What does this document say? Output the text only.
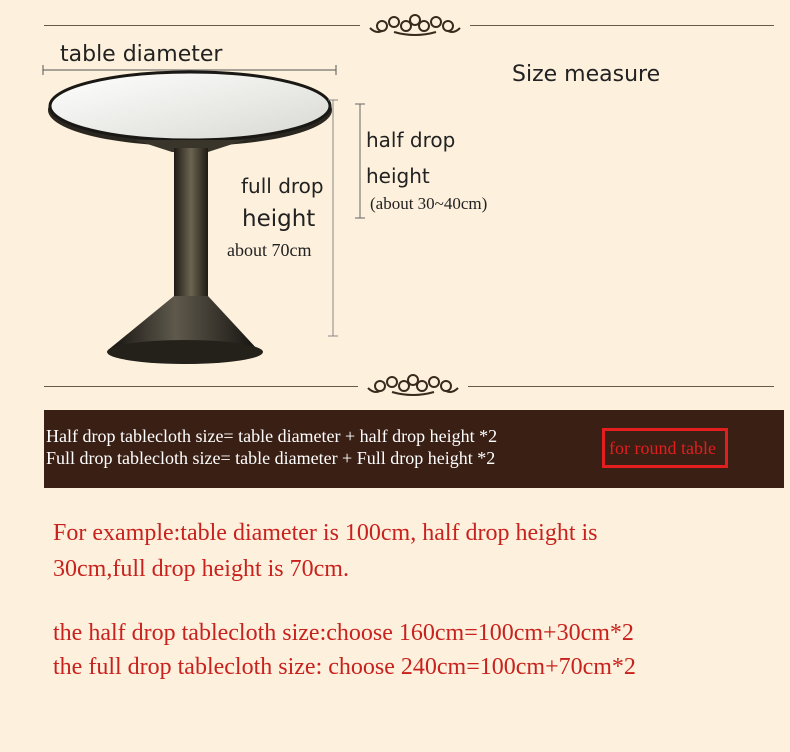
table diameter
Size measure
half drop
height
(about 30~40cm)
full drop
height
about 70cm
Half drop tablecloth size= table diameter + half drop height *2
Full drop tablecloth size= table diameter + Full drop height *2	for round table
For example:table diameter is 100cm, half drop height is
30cm,full drop height is 70cm.
the half drop tablecloth size:choose 160cm=100cm+30cm*2
the full drop tablecloth size: choose 240cm=100cm+70cm*2
